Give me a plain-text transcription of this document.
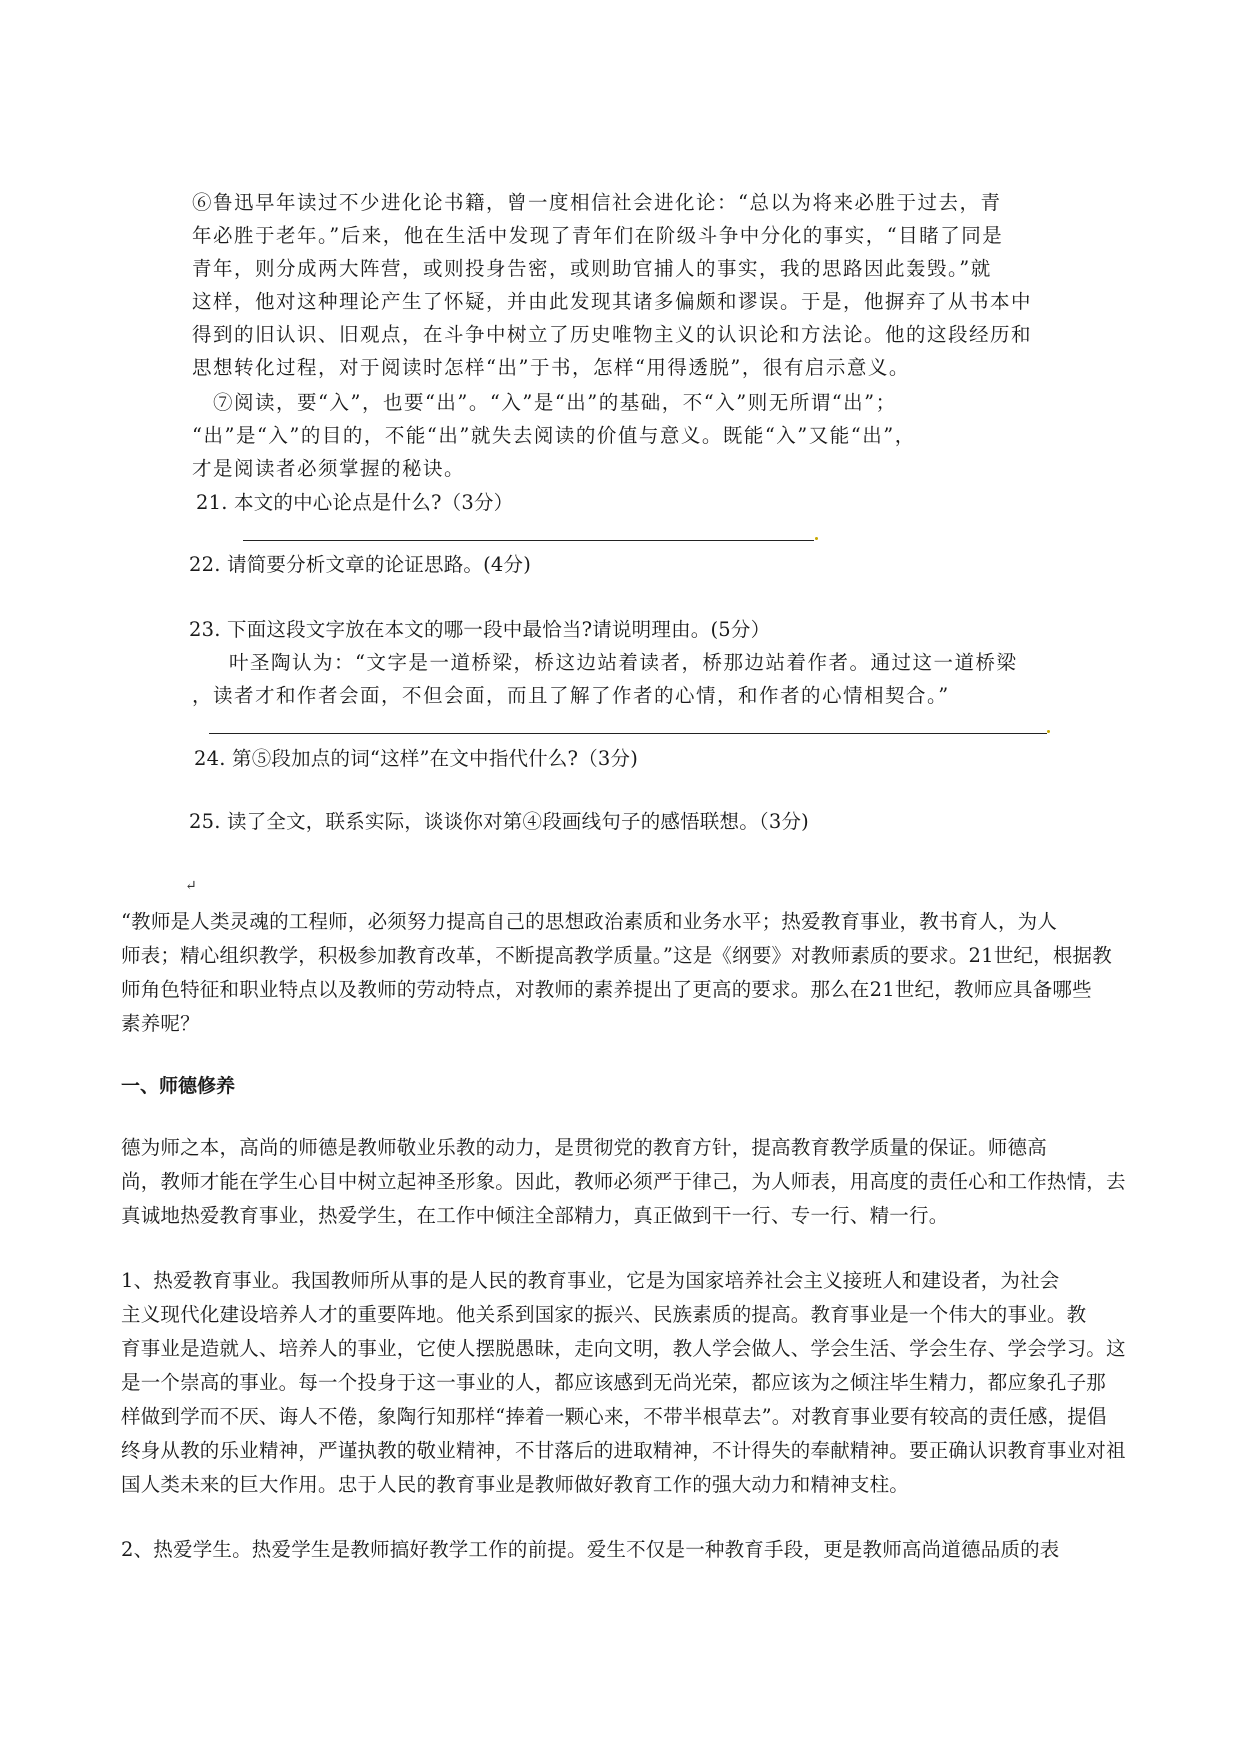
⑥鲁迅早年读过不少进化论书籍，曾一度相信社会进化论：“总以为将来必胜于过去，青
年必胜于老年。”后来，他在生活中发现了青年们在阶级斗争中分化的事实，“目睹了同是
青年，则分成两大阵营，或则投身告密，或则助官捕人的事实，我的思路因此轰毁。”就
这样，他对这种理论产生了怀疑，并由此发现其诸多偏颇和谬误。于是，他摒弃了从书本中
得到的旧认识、旧观点，在斗争中树立了历史唯物主义的认识论和方法论。他的这段经历和
思想转化过程，对于阅读时怎样“出”于书，怎样“用得透脱”，很有启示意义。
　⑦阅读，要“入”，也要“出”。“入”是“出”的基础，不“入”则无所谓“出”；
“出”是“入”的目的，不能“出”就失去阅读的价值与意义。既能“入”又能“出”，
才是阅读者必须掌握的秘诀。
21. 本文的中心论点是什么?（3分）
22. 请简要分析文章的论证思路。(4分)
23. 下面这段文字放在本文的哪一段中最恰当?请说明理由。(5分）
叶圣陶认为：“文字是一道桥梁，桥这边站着读者，桥那边站着作者。通过这一道桥梁
，读者才和作者会面，不但会面，而且了解了作者的心情，和作者的心情相契合。”
24. 第⑤段加点的词“这样”在文中指代什么?（3分)
25. 读了全文，联系实际，谈谈你对第④段画线句子的感悟联想。（3分)
↵
“教师是人类灵魂的工程师，必须努力提高自己的思想政治素质和业务水平；热爱教育事业，教书育人，为人
师表；精心组织教学，积极参加教育改革，不断提高教学质量。”这是《纲要》对教师素质的要求。21世纪，根据教
师角色特征和职业特点以及教师的劳动特点，对教师的素养提出了更高的要求。那么在21世纪，教师应具备哪些
素养呢？
一、师德修养
德为师之本，高尚的师德是教师敬业乐教的动力，是贯彻党的教育方针，提高教育教学质量的保证。师德高
尚，教师才能在学生心目中树立起神圣形象。因此，教师必须严于律己，为人师表，用高度的责任心和工作热情，去
真诚地热爱教育事业，热爱学生，在工作中倾注全部精力，真正做到干一行、专一行、精一行。
1、热爱教育事业。我国教师所从事的是人民的教育事业，它是为国家培养社会主义接班人和建设者，为社会
主义现代化建设培养人才的重要阵地。他关系到国家的振兴、民族素质的提高。教育事业是一个伟大的事业。教
育事业是造就人、培养人的事业，它使人摆脱愚昧，走向文明，教人学会做人、学会生活、学会生存、学会学习。这
是一个崇高的事业。每一个投身于这一事业的人，都应该感到无尚光荣，都应该为之倾注毕生精力，都应象孔子那
样做到学而不厌、诲人不倦，象陶行知那样“捧着一颗心来，不带半根草去”。对教育事业要有较高的责任感，提倡
终身从教的乐业精神，严谨执教的敬业精神，不甘落后的进取精神，不计得失的奉献精神。要正确认识教育事业对祖
国人类未来的巨大作用。忠于人民的教育事业是教师做好教育工作的强大动力和精神支柱。
2、热爱学生。热爱学生是教师搞好教学工作的前提。爱生不仅是一种教育手段，更是教师高尚道德品质的表
